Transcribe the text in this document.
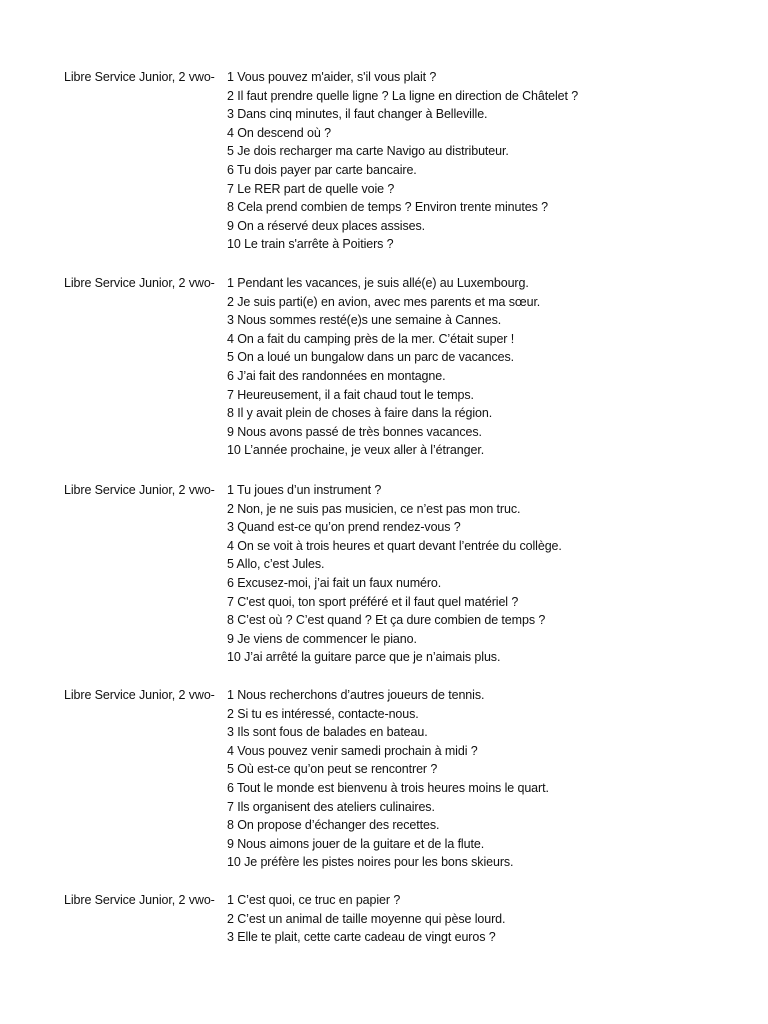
Libre Service Junior, 2 vwo- 1 Vous pouvez m'aider, s'il vous plait ?
2 Il faut prendre quelle ligne ? La ligne en direction de Châtelet ?
3 Dans cinq minutes, il faut changer à Belleville.
4 On descend où ?
5 Je dois recharger ma carte Navigo au distributeur.
6 Tu dois payer par carte bancaire.
7 Le RER part de quelle voie ?
8 Cela prend combien de temps ? Environ trente minutes ?
9 On a réservé deux places assises.
10 Le train s'arrête à Poitiers ?
Libre Service Junior, 2 vwo- 1 Pendant les vacances, je suis allé(e) au Luxembourg.
2 Je suis parti(e) en avion, avec mes parents et ma sœur.
3 Nous sommes resté(e)s une semaine à Cannes.
4 On a fait du camping près de la mer. C’était super !
5 On a loué un bungalow dans un parc de vacances.
6 J’ai fait des randonnées en montagne.
7 Heureusement, il a fait chaud tout le temps.
8 Il y avait plein de choses à faire dans la région.
9 Nous avons passé de très bonnes vacances.
10 L’année prochaine, je veux aller à l’étranger.
Libre Service Junior, 2 vwo- 1 Tu joues d’un instrument ?
2 Non, je ne suis pas musicien, ce n’est pas mon truc.
3 Quand est-ce qu’on prend rendez-vous ?
4 On se voit à trois heures et quart devant l’entrée du collège.
5 Allo, c’est Jules.
6 Excusez-moi, j’ai fait un faux numéro.
7 C'est quoi, ton sport préféré et il faut quel matériel ?
8 C’est où ? C’est quand ? Et ça dure combien de temps ?
9 Je viens de commencer le piano.
10 J’ai arrêté la guitare parce que je n’aimais plus.
Libre Service Junior, 2 vwo- 1 Nous recherchons d’autres joueurs de tennis.
2 Si tu es intéressé, contacte-nous.
3 Ils sont fous de balades en bateau.
4 Vous pouvez venir samedi prochain à midi ?
5 Où est-ce qu’on peut se rencontrer ?
6 Tout le monde est bienvenu à trois heures moins le quart.
7 Ils organisent des ateliers culinaires.
8 On propose d’échanger des recettes.
9 Nous aimons jouer de la guitare et de la flute.
10 Je préfère les pistes noires pour les bons skieurs.
Libre Service Junior, 2 vwo- 1 C’est quoi, ce truc en papier ?
2 C’est un animal de taille moyenne qui pèse lourd.
3 Elle te plait, cette carte cadeau de vingt euros ?
